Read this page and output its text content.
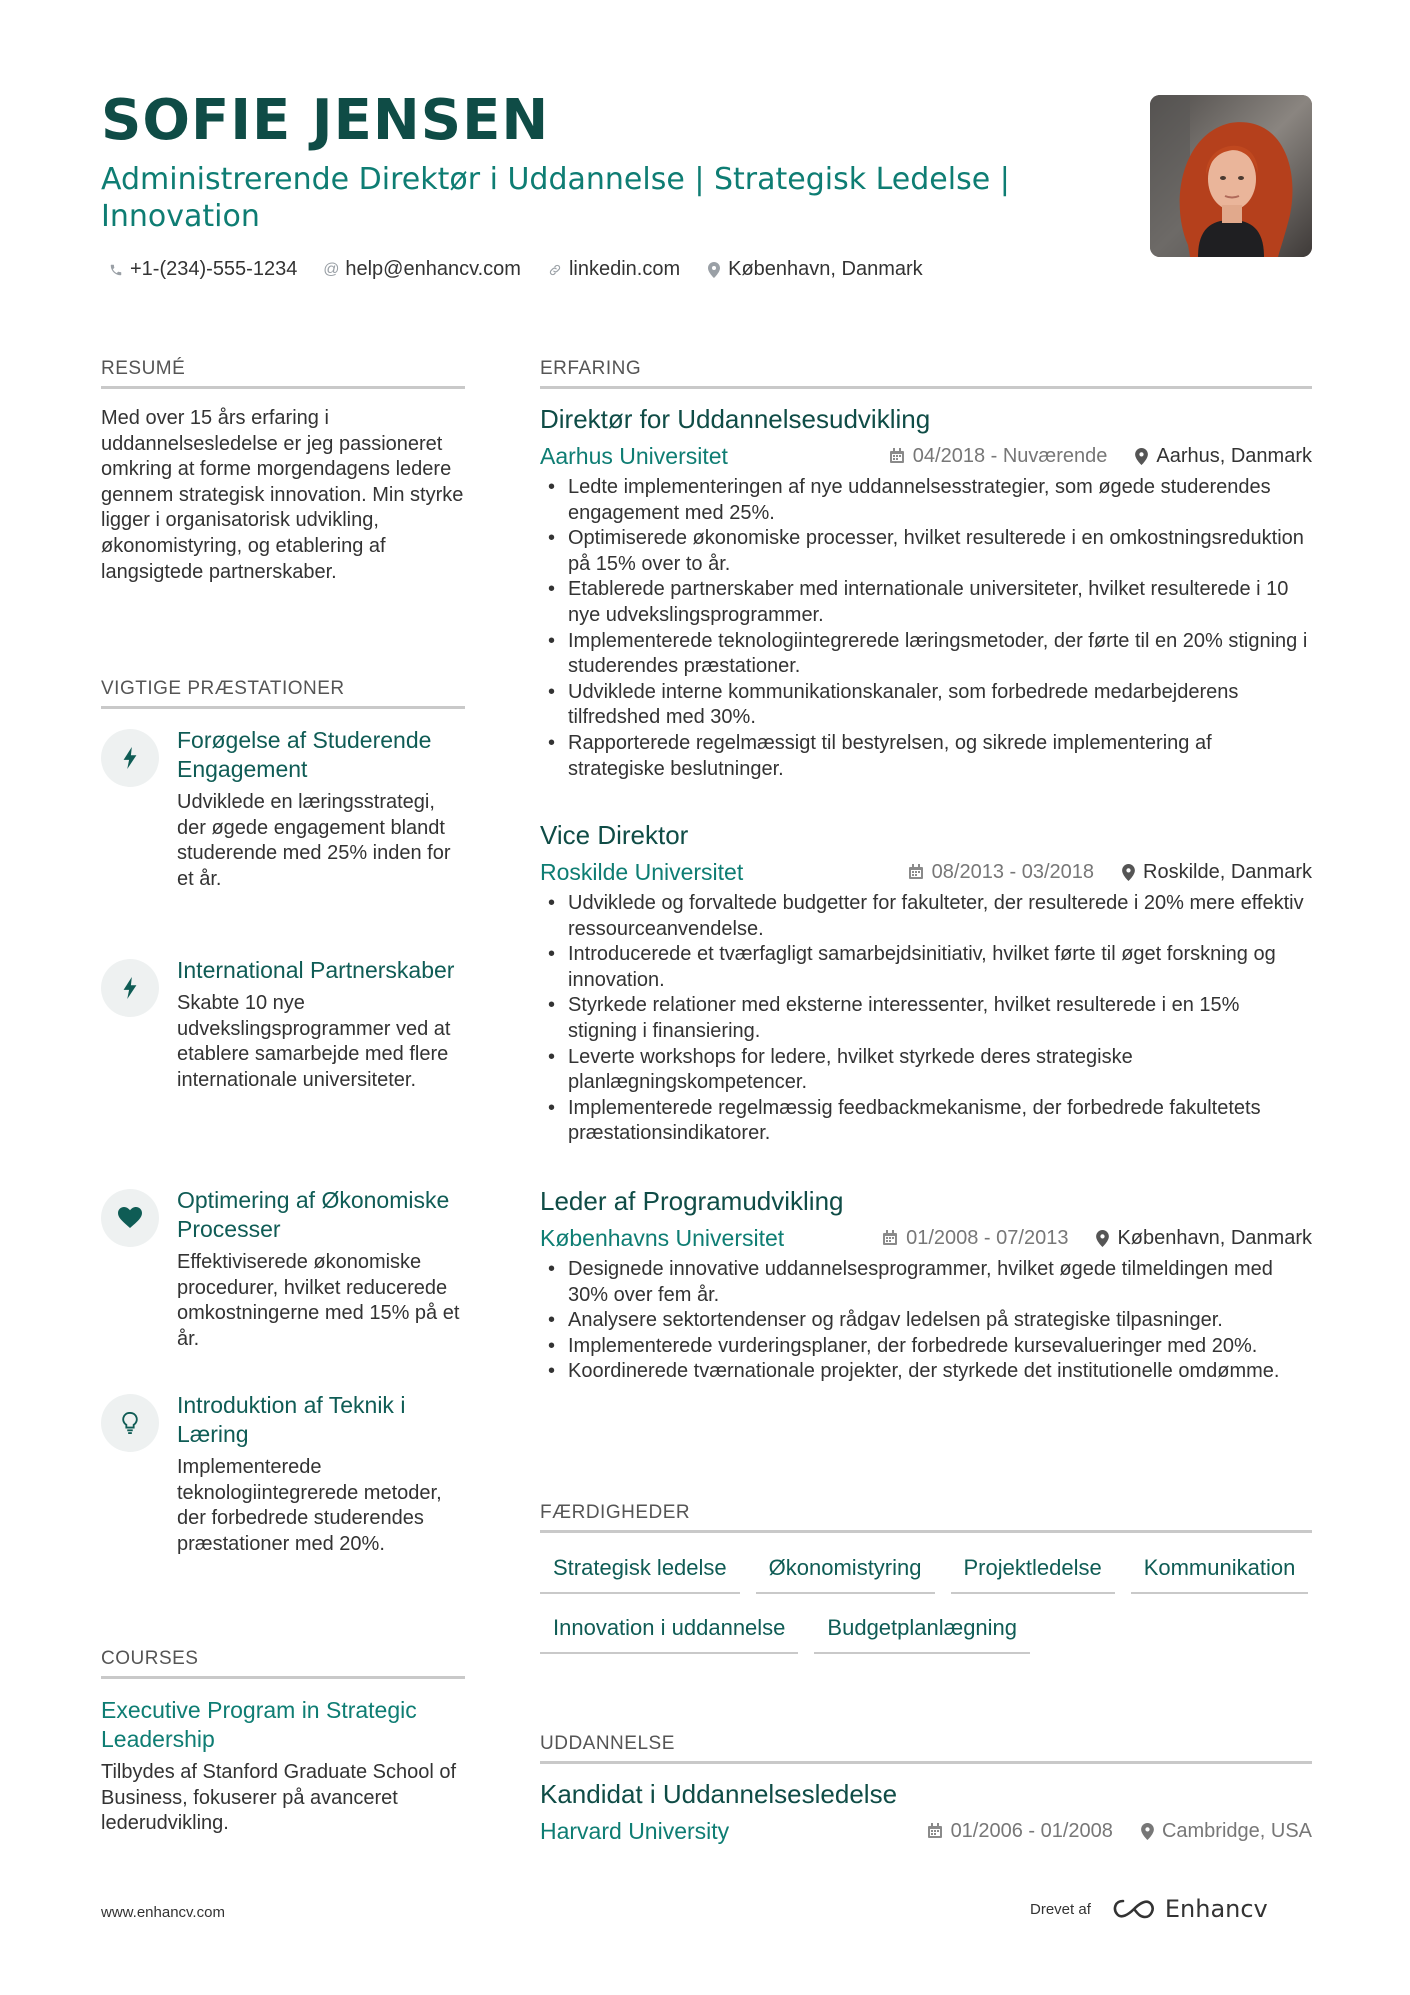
SOFIE JENSEN
Administrerende Direktør i Uddannelse | Strategisk Ledelse | Innovation
+1-(234)-555-1234 @ help@enhancv.com linkedin.com København, Danmark
RESUMÉ
Med over 15 års erfaring i uddannelsesledelse er jeg passioneret omkring at forme morgendagens ledere gennem strategisk innovation. Min styrke ligger i organisatorisk udvikling, økonomistyring, og etablering af langsigtede partnerskaber.
VIGTIGE PRÆSTATIONER
Forøgelse af Studerende Engagement
Udviklede en læringsstrategi, der øgede engagement blandt studerende med 25% inden for et år.
International Partnerskaber
Skabte 10 nye udvekslingsprogrammer ved at etablere samarbejde med flere internationale universiteter.
Optimering af Økonomiske Processer
Effektiviserede økonomiske procedurer, hvilket reducerede omkostningerne med 15% på et år.
Introduktion af Teknik i Læring
Implementerede teknologiintegrerede metoder, der forbedrede studerendes præstationer med 20%.
COURSES
Executive Program in Strategic Leadership
Tilbydes af Stanford Graduate School of Business, fokuserer på avanceret lederudvikling.
ERFARING
Direktør for Uddannelsesudvikling
Aarhus Universitet	04/2018 - Nuværende Aarhus, Danmark
• Ledte implementeringen af nye uddannelsesstrategier, som øgede studerendes engagement med 25%.
• Optimiserede økonomiske processer, hvilket resulterede i en omkostningsreduktion på 15% over to år.
• Etablerede partnerskaber med internationale universiteter, hvilket resulterede i 10 nye udvekslingsprogrammer.
• Implementerede teknologiintegrerede læringsmetoder, der førte til en 20% stigning i studerendes præstationer.
• Udviklede interne kommunikationskanaler, som forbedrede medarbejderens tilfredshed med 30%.
• Rapporterede regelmæssigt til bestyrelsen, og sikrede implementering af strategiske beslutninger.
Vice Direktor
Roskilde Universitet	08/2013 - 03/2018 Roskilde, Danmark
• Udviklede og forvaltede budgetter for fakulteter, der resulterede i 20% mere effektiv ressourceanvendelse.
• Introducerede et tværfagligt samarbejdsinitiativ, hvilket førte til øget forskning og innovation.
• Styrkede relationer med eksterne interessenter, hvilket resulterede i en 15% stigning i finansiering.
• Leverte workshops for ledere, hvilket styrkede deres strategiske planlægningskompetencer.
• Implementerede regelmæssig feedbackmekanisme, der forbedrede fakultetets præstationsindikatorer.
Leder af Programudvikling
Københavns Universitet	01/2008 - 07/2013 København, Danmark
• Designede innovative uddannelsesprogrammer, hvilket øgede tilmeldingen med 30% over fem år.
• Analysere sektortendenser og rådgav ledelsen på strategiske tilpasninger.
• Implementerede vurderingsplaner, der forbedrede kursevalueringer med 20%.
• Koordinerede tværnationale projekter, der styrkede det institutionelle omdømme.
FÆRDIGHEDER
Strategisk ledelse	Økonomistyring	Projektledelse	Kommunikation
Innovation i uddannelse	Budgetplanlægning
UDDANNELSE
Kandidat i Uddannelsesledelse
Harvard University	01/2006 - 01/2008 Cambridge, USA
www.enhancv.com	Drevet af	Enhancv
